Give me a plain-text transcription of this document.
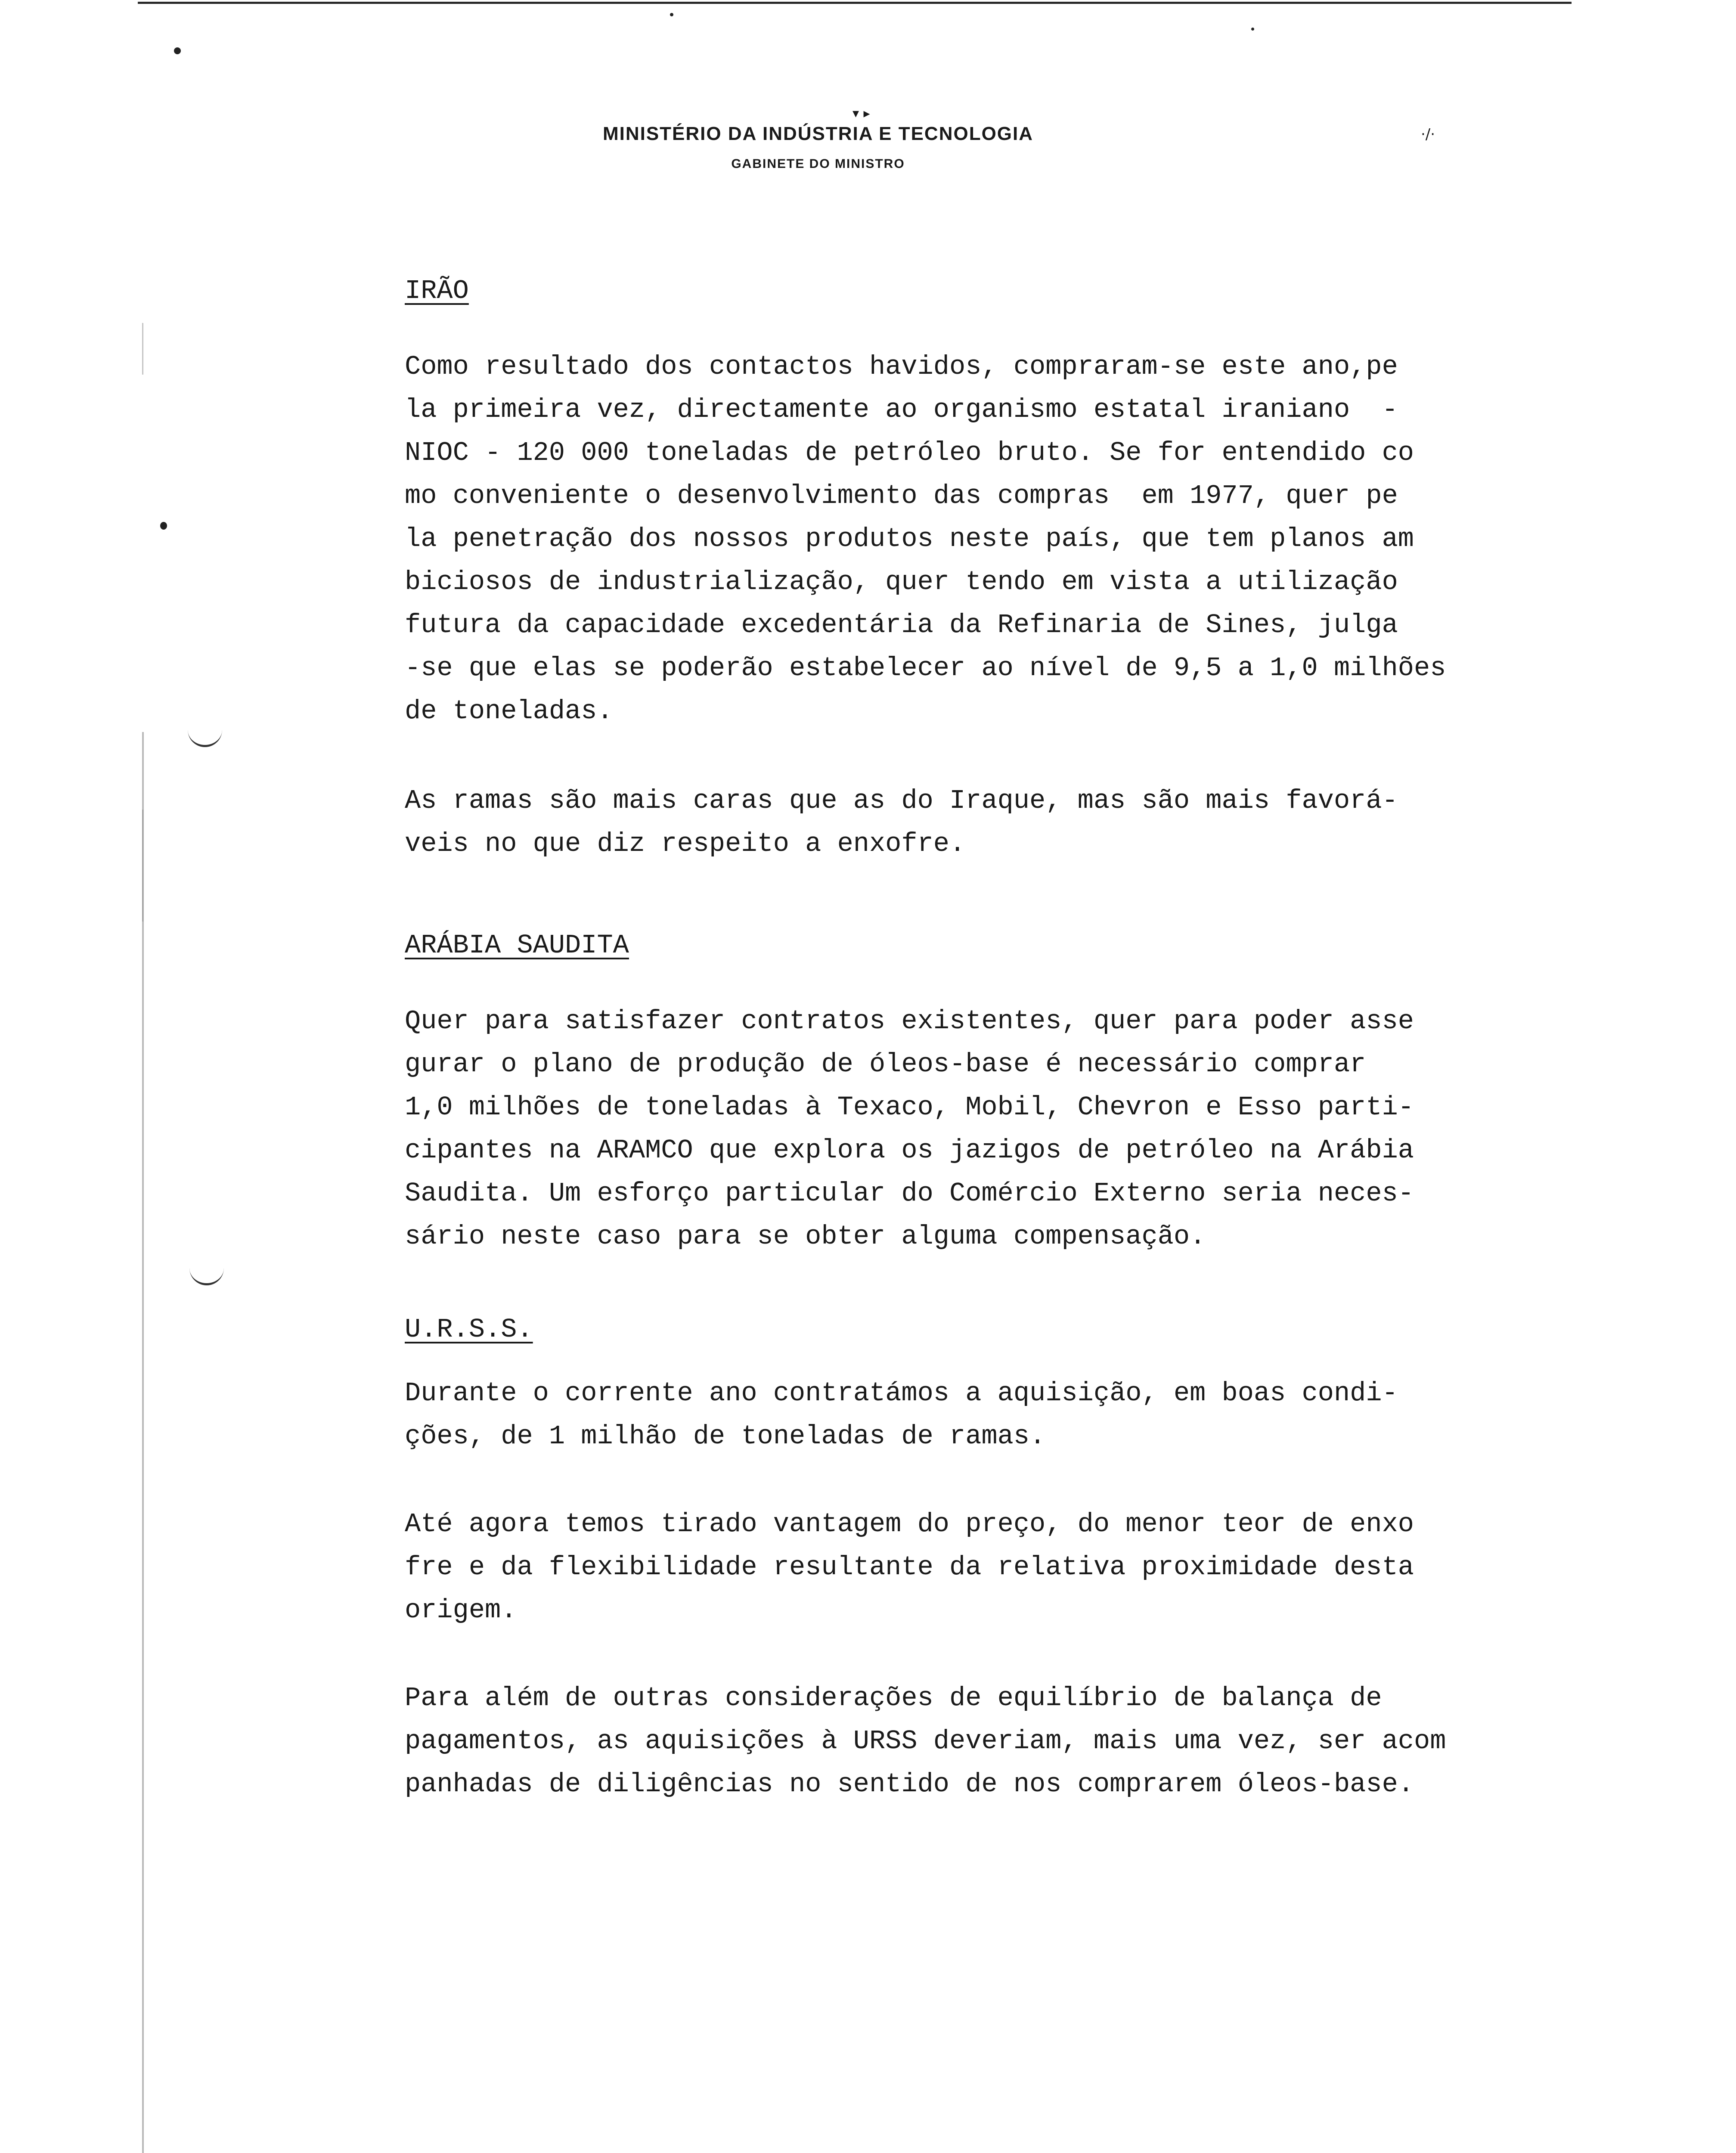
▾ ▸
·/·
MINISTÉRIO DA INDÚSTRIA E TECNOLOGIA
GABINETE DO MINISTRO
IRÃO
Como resultado dos contactos havidos, compraram-se este ano,pe
la primeira vez, directamente ao organismo estatal iraniano  -
NIOC - 120 000 toneladas de petróleo bruto. Se for entendido co
mo conveniente o desenvolvimento das compras  em 1977, quer pe
la penetração dos nossos produtos neste país, que tem planos am
biciosos de industrialização, quer tendo em vista a utilização
futura da capacidade excedentária da Refinaria de Sines, julga
-se que elas se poderão estabelecer ao nível de 9,5 a 1,0 milhões
de toneladas.
As ramas são mais caras que as do Iraque, mas são mais favorá-
veis no que diz respeito a enxofre.
ARÁBIA SAUDITA
Quer para satisfazer contratos existentes, quer para poder asse
gurar o plano de produção de óleos-base é necessário comprar
1,0 milhões de toneladas à Texaco, Mobil, Chevron e Esso parti-
cipantes na ARAMCO que explora os jazigos de petróleo na Arábia
Saudita. Um esforço particular do Comércio Externo seria neces-
sário neste caso para se obter alguma compensação.
U.R.S.S.
Durante o corrente ano contratámos a aquisição, em boas condi-
ções, de 1 milhão de toneladas de ramas.
Até agora temos tirado vantagem do preço, do menor teor de enxo
fre e da flexibilidade resultante da relativa proximidade desta
origem.
Para além de outras considerações de equilíbrio de balança de
pagamentos, as aquisições à URSS deveriam, mais uma vez, ser acom
panhadas de diligências no sentido de nos comprarem óleos-base.
